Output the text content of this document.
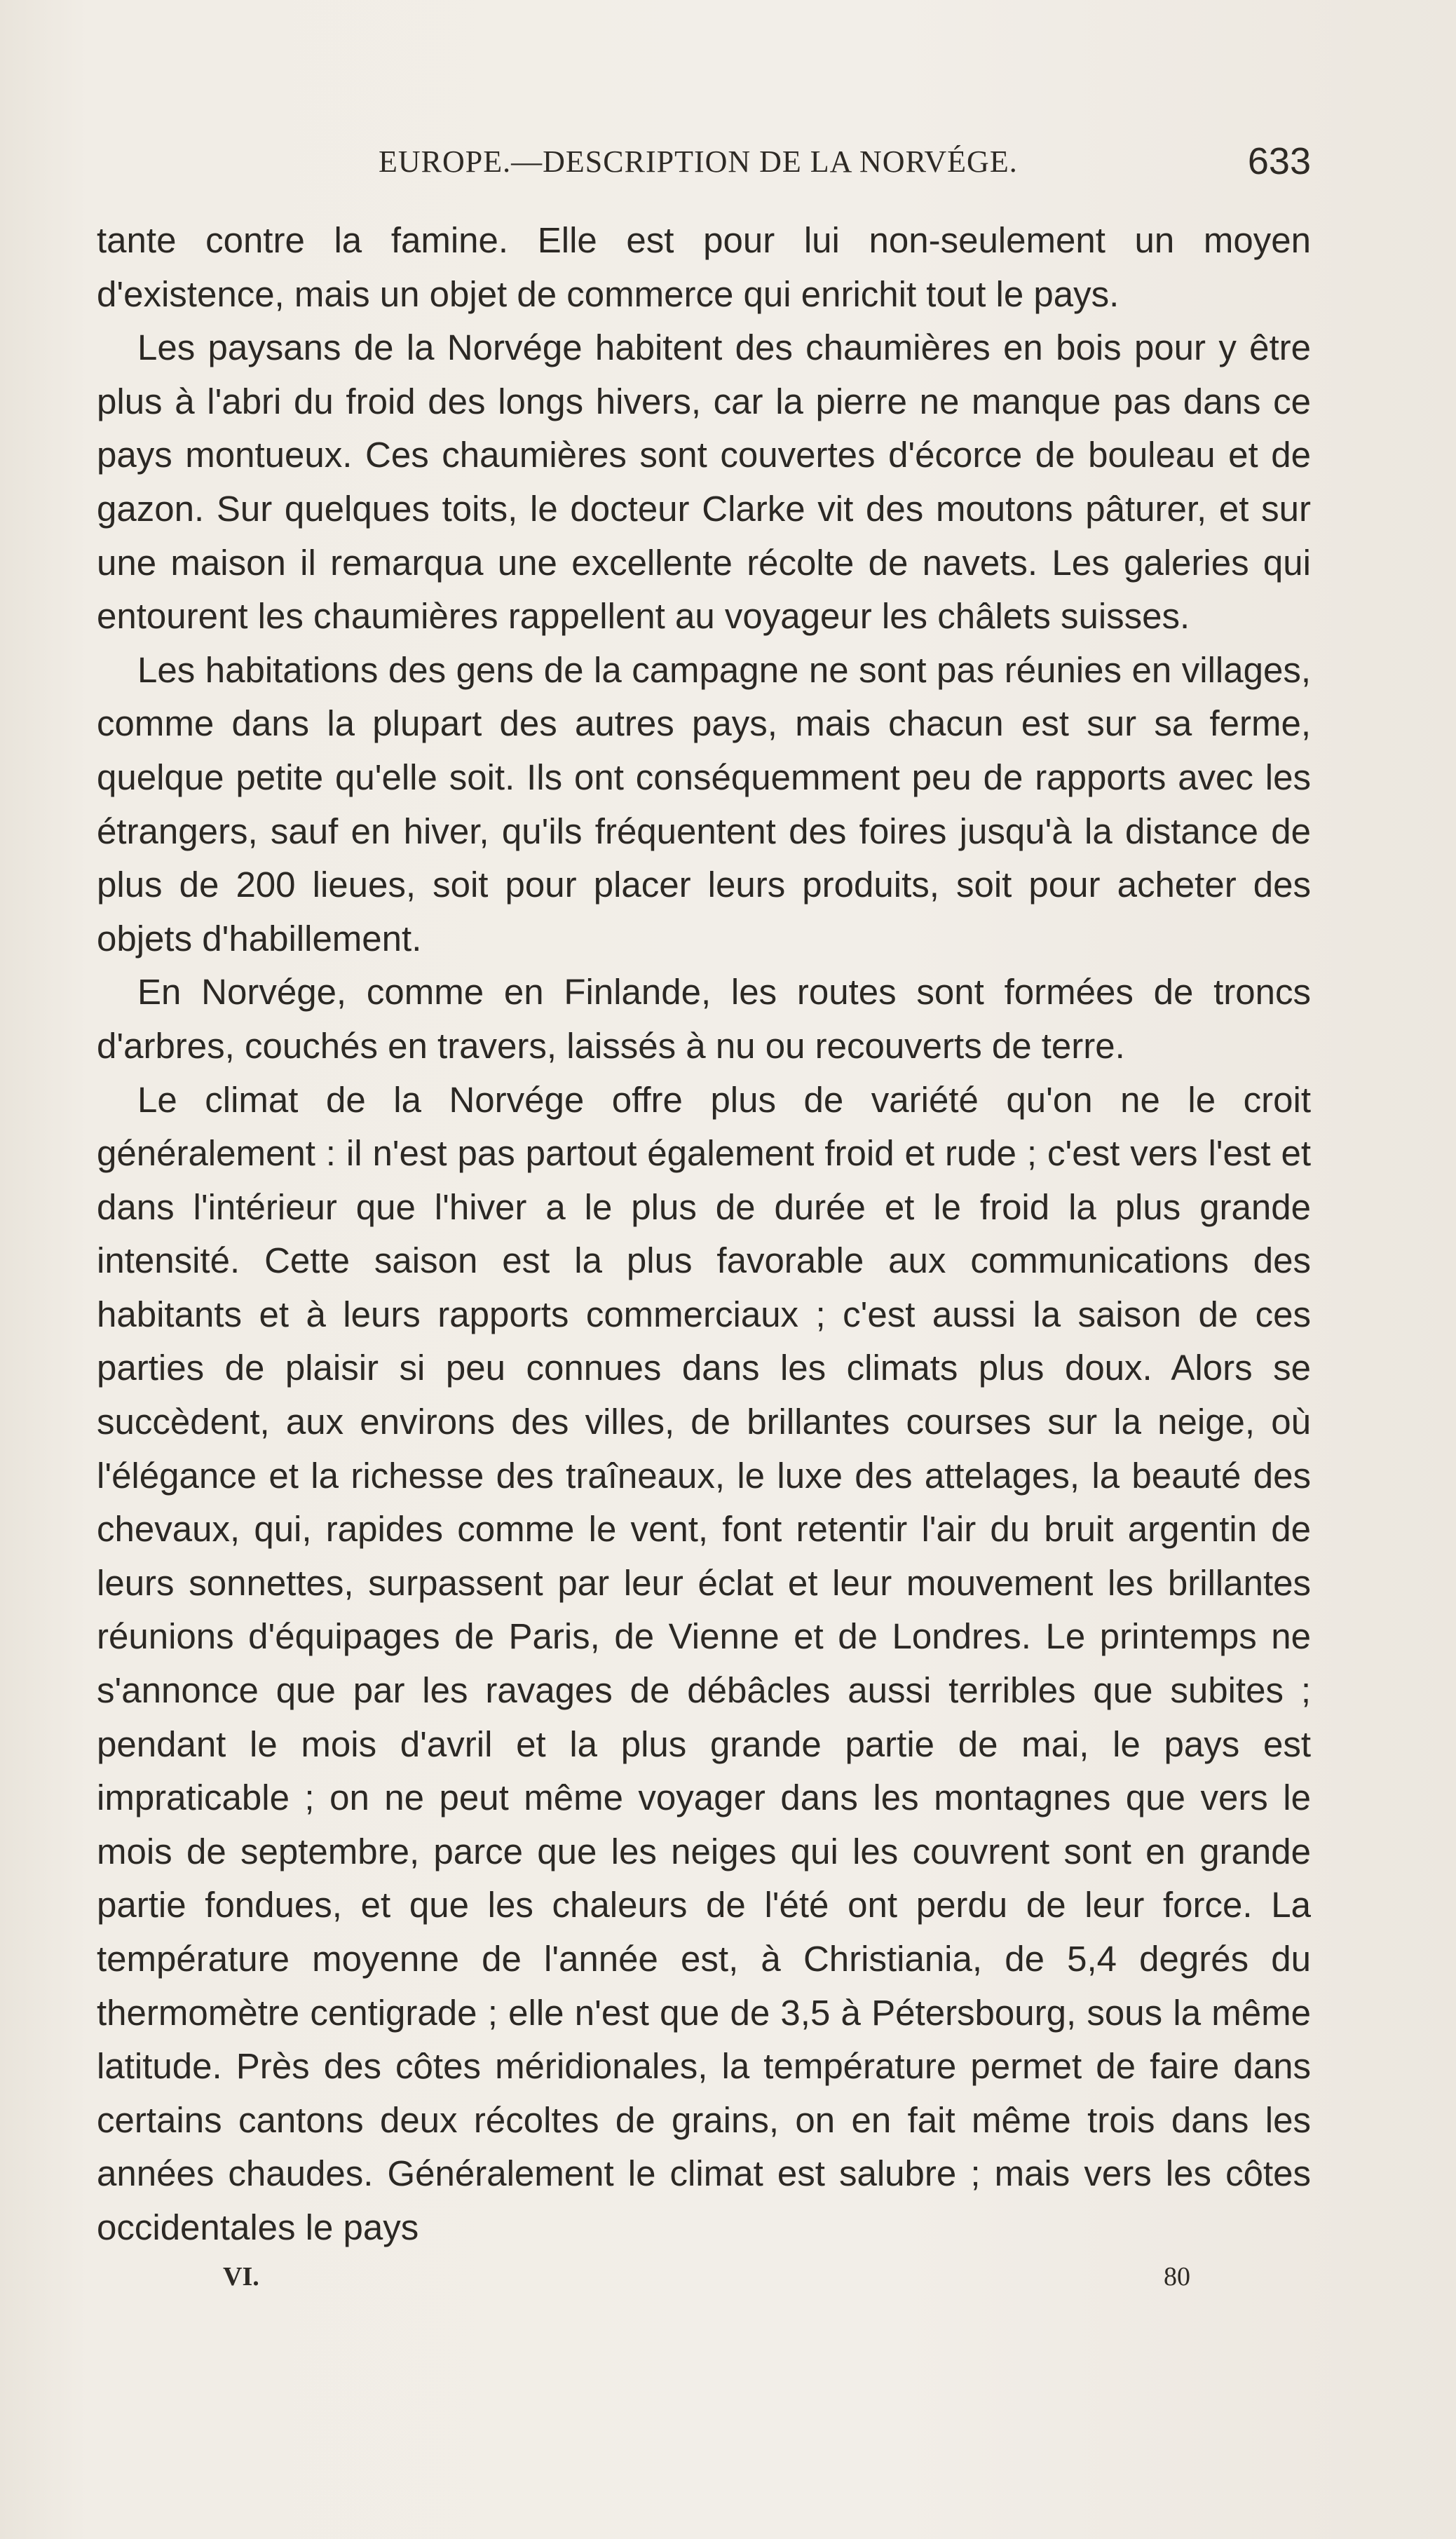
EUROPE.—DESCRIPTION DE LA NORVÉGE.	633

tante contre la famine. Elle est pour lui non-seulement un moyen d'existence, mais un objet de commerce qui enrichit tout le pays.

Les paysans de la Norvége habitent des chaumières en bois pour y être plus à l'abri du froid des longs hivers, car la pierre ne manque pas dans ce pays montueux. Ces chaumières sont couvertes d'écorce de bouleau et de gazon. Sur quelques toits, le docteur Clarke vit des moutons pâturer, et sur une maison il remarqua une excellente récolte de navets. Les galeries qui entourent les chaumières rappellent au voyageur les châlets suisses.

Les habitations des gens de la campagne ne sont pas réunies en villages, comme dans la plupart des autres pays, mais chacun est sur sa ferme, quelque petite qu'elle soit. Ils ont conséquemment peu de rapports avec les étrangers, sauf en hiver, qu'ils fréquentent des foires jusqu'à la distance de plus de 200 lieues, soit pour placer leurs produits, soit pour acheter des objets d'habillement.

En Norvége, comme en Finlande, les routes sont formées de troncs d'arbres, couchés en travers, laissés à nu ou recouverts de terre.

Le climat de la Norvége offre plus de variété qu'on ne le croit généralement : il n'est pas partout également froid et rude ; c'est vers l'est et dans l'intérieur que l'hiver a le plus de durée et le froid la plus grande intensité. Cette saison est la plus favorable aux communications des habitants et à leurs rapports commerciaux ; c'est aussi la saison de ces parties de plaisir si peu connues dans les climats plus doux. Alors se succèdent, aux environs des villes, de brillantes courses sur la neige, où l'élégance et la richesse des traîneaux, le luxe des attelages, la beauté des chevaux, qui, rapides comme le vent, font retentir l'air du bruit argentin de leurs sonnettes, surpassent par leur éclat et leur mouvement les brillantes réunions d'équipages de Paris, de Vienne et de Londres. Le printemps ne s'annonce que par les ravages de débâcles aussi terribles que subites ; pendant le mois d'avril et la plus grande partie de mai, le pays est impraticable ; on ne peut même voyager dans les montagnes que vers le mois de septembre, parce que les neiges qui les couvrent sont en grande partie fondues, et que les chaleurs de l'été ont perdu de leur force. La température moyenne de l'année est, à Christiania, de 5,4 degrés du thermomètre centigrade ; elle n'est que de 3,5 à Pétersbourg, sous la même latitude. Près des côtes méridionales, la température permet de faire dans certains cantons deux récoltes de grains, on en fait même trois dans les années chaudes. Généralement le climat est salubre ; mais vers les côtes occidentales le pays

VI.	80
